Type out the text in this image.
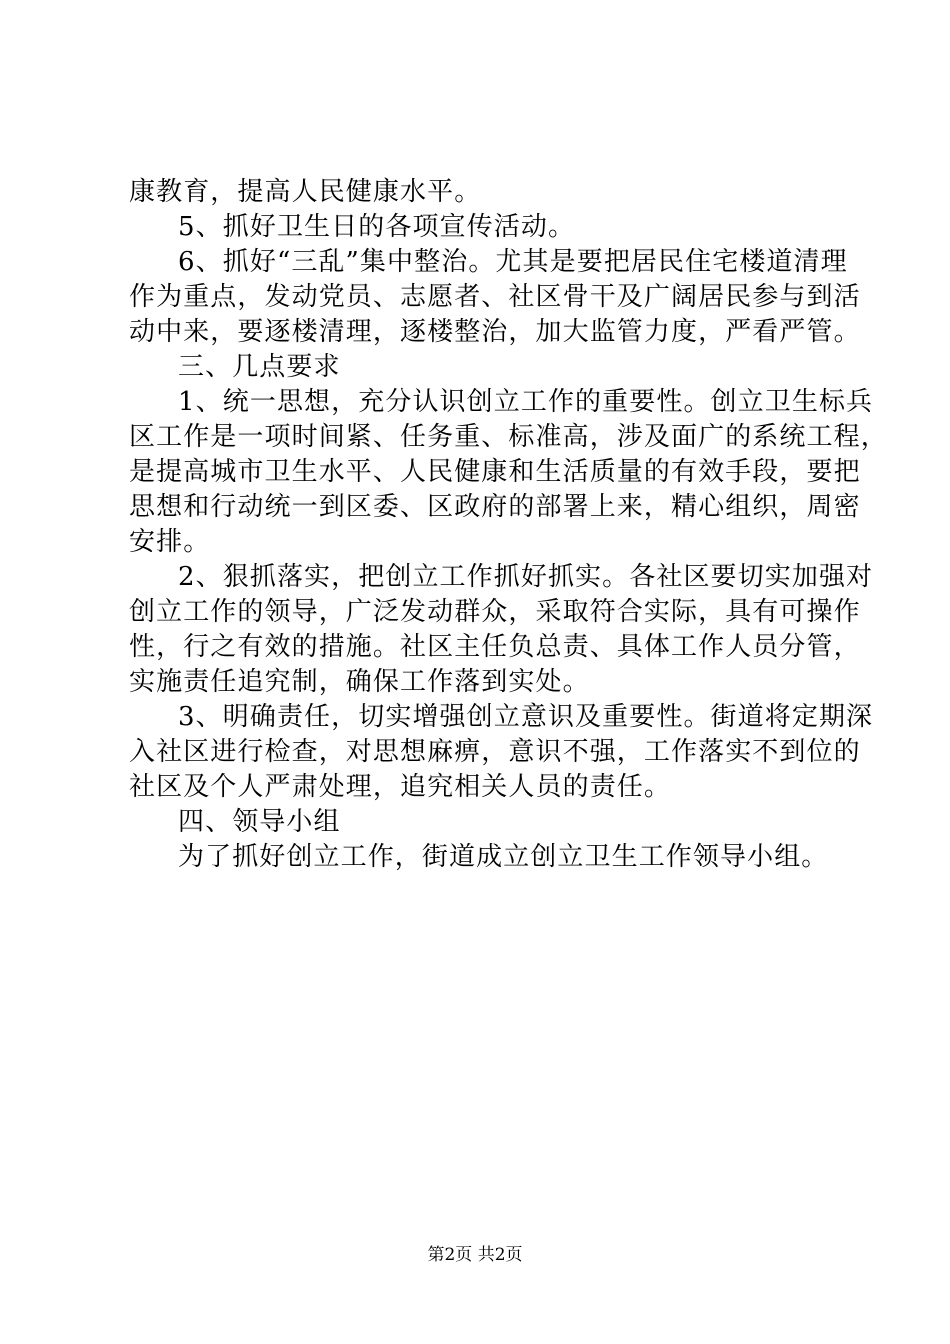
康教育，提高人民健康水平。
5、抓好卫生日的各项宣传活动。
6、抓好“三乱”集中整治。尤其是要把居民住宅楼道清理
作为重点，发动党员、志愿者、社区骨干及广阔居民参与到活
动中来，要逐楼清理，逐楼整治，加大监管力度，严看严管。
三、几点要求
1、统一思想，充分认识创立工作的重要性。创立卫生标兵
区工作是一项时间紧、任务重、标准高，涉及面广的系统工程，
是提高城市卫生水平、人民健康和生活质量的有效手段，要把
思想和行动统一到区委、区政府的部署上来，精心组织，周密
安排。
2、狠抓落实，把创立工作抓好抓实。各社区要切实加强对
创立工作的领导，广泛发动群众，采取符合实际，具有可操作
性，行之有效的措施。社区主任负总责、具体工作人员分管，
实施责任追究制，确保工作落到实处。
3、明确责任，切实增强创立意识及重要性。街道将定期深
入社区进行检查，对思想麻痹，意识不强，工作落实不到位的
社区及个人严肃处理，追究相关人员的责任。
四、领导小组
为了抓好创立工作，街道成立创立卫生工作领导小组。
第2页 共2页
